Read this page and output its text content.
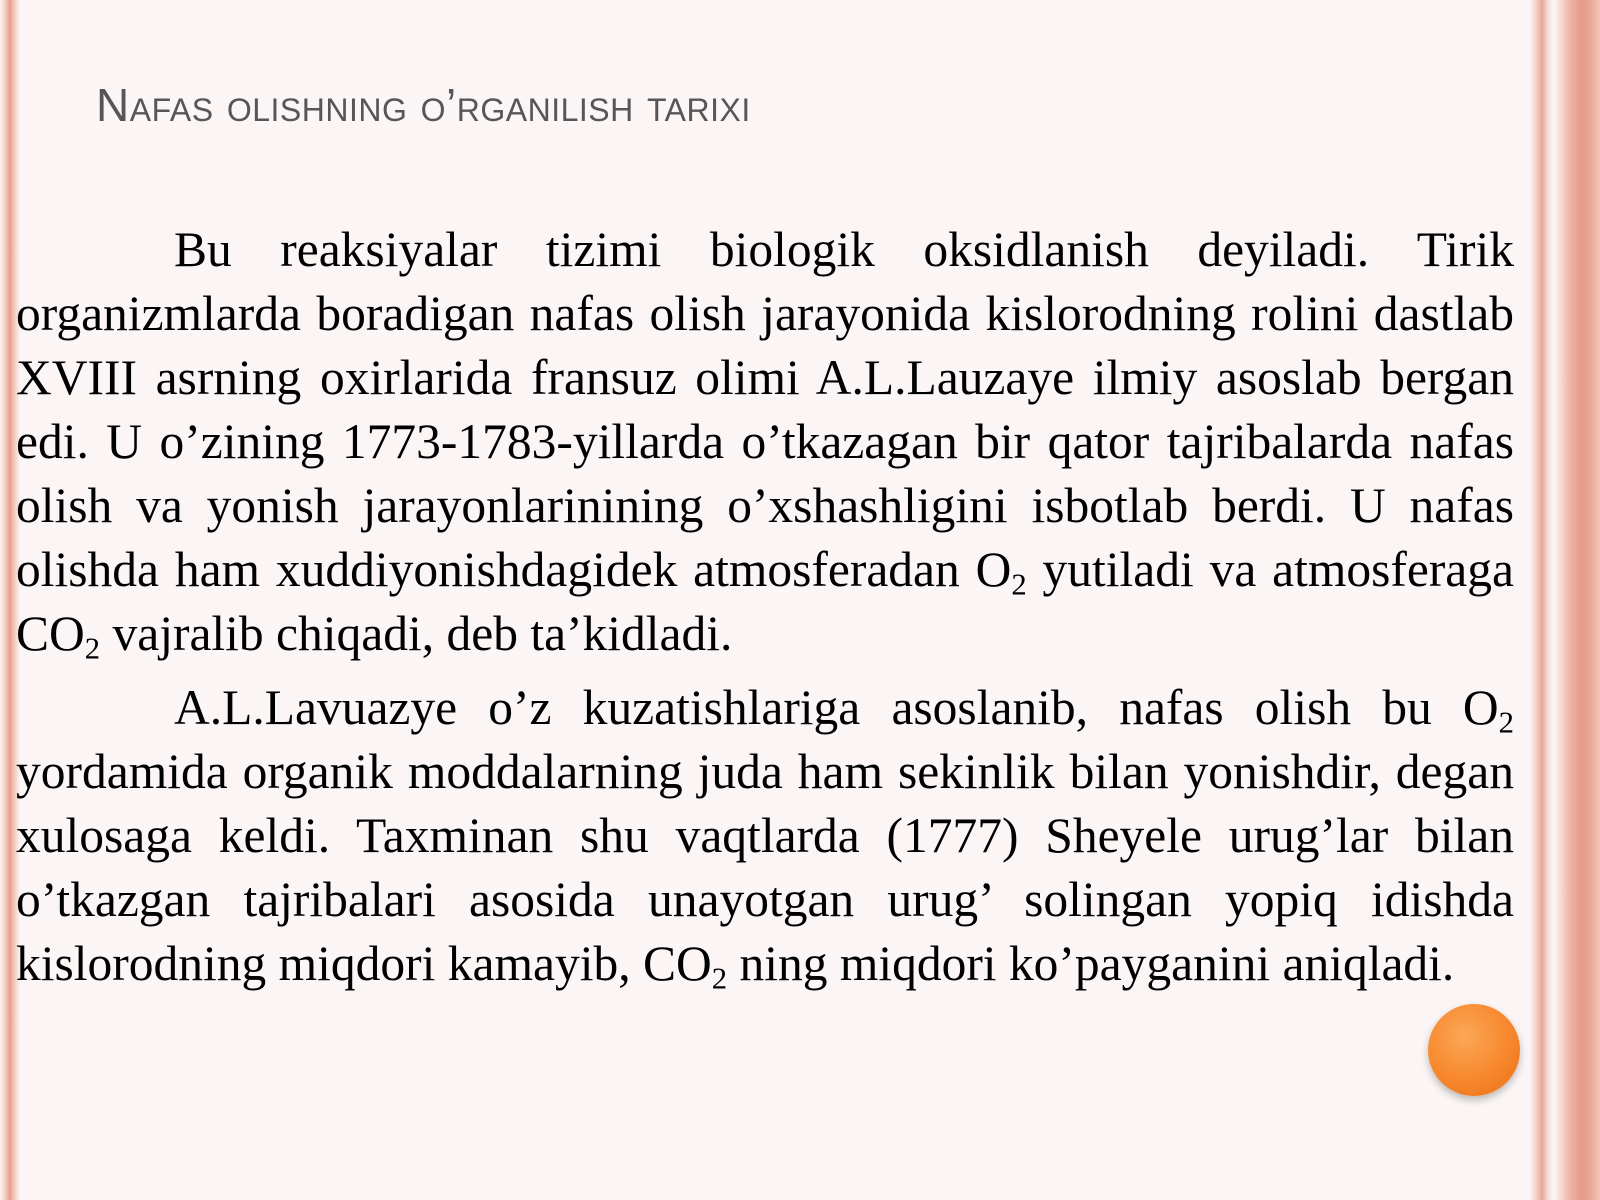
Nafas olishning o’rganilish tarixi

Bu reaksiyalar tizimi biologik oksidlanish deyiladi. Tirik organizmlarda boradigan nafas olish jarayonida kislorodning rolini dastlab XVIII asrning oxirlarida fransuz olimi A.L.Lauzaye ilmiy asoslab bergan edi. U o’zining 1773-1783-yillarda o’tkazagan bir qator tajribalarda nafas olish va yonish jarayonlarinining o’xshashligini isbotlab berdi. U nafas olishda ham xuddiyonishdagidek atmosferadan $O_2$ yutiladi va atmosferaga $CO_2$ vajralib chiqadi, deb ta’kidladi.

A.L.Lavuazye o’z kuzatishlariga asoslanib, nafas olish bu $O_2$ yordamida organik moddalarning juda ham sekinlik bilan yonishdir, degan xulosaga keldi. Taxminan shu vaqtlarda (1777) Sheyele urug’lar bilan o’tkazgan tajribalari asosida unayotgan urug’ solingan yopiq idishda kislorodning miqdori kamayib, $CO_2$ ning miqdori ko’payganini aniqladi.
